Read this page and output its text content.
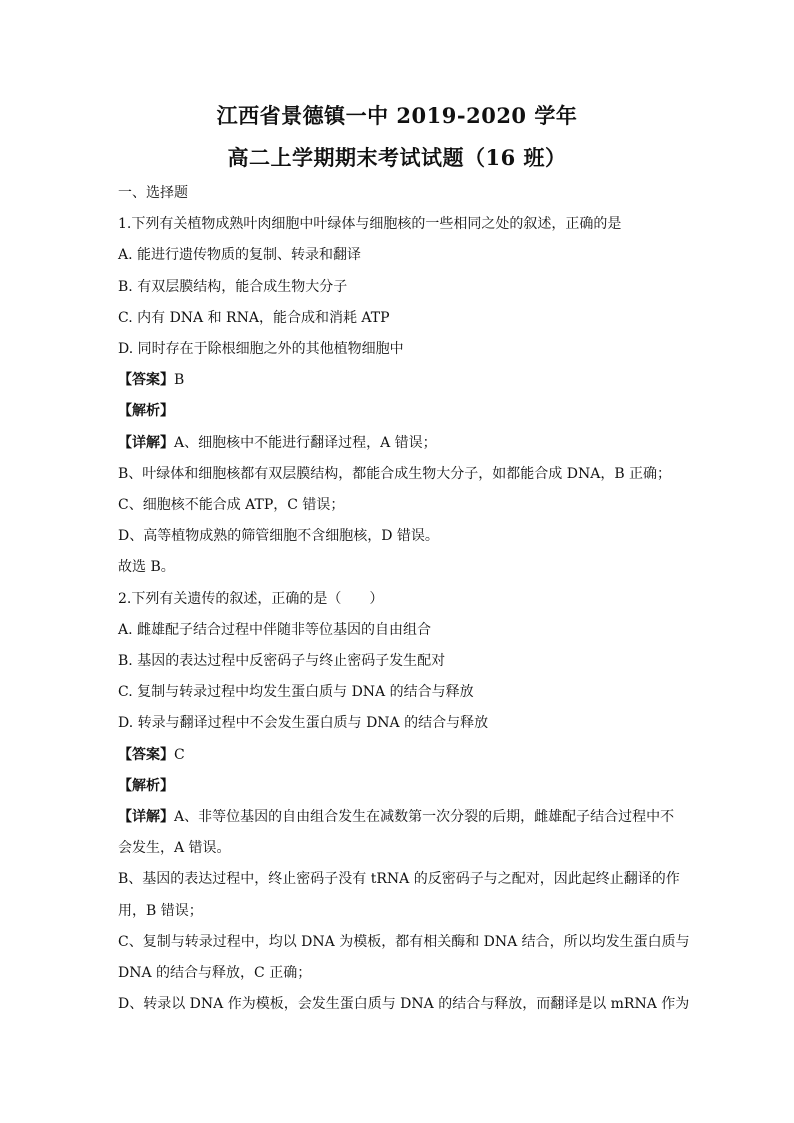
江西省景德镇一中 2019-2020 学年

高二上学期期末考试试题（16 班）

一、选择题

1.下列有关植物成熟叶肉细胞中叶绿体与细胞核的一些相同之处的叙述，正确的是

A. 能进行遗传物质的复制、转录和翻译

B. 有双层膜结构，能合成生物大分子

C. 内有 DNA 和 RNA，能合成和消耗 ATP

D. 同时存在于除根细胞之外的其他植物细胞中

【答案】B

【解析】

【详解】A、细胞核中不能进行翻译过程，A 错误；

B、叶绿体和细胞核都有双层膜结构，都能合成生物大分子，如都能合成 DNA，B 正确；

C、细胞核不能合成 ATP，C 错误；

D、高等植物成熟的筛管细胞不含细胞核，D 错误。

故选 B。

2.下列有关遗传的叙述，正确的是（　　）

A. 雌雄配子结合过程中伴随非等位基因的自由组合

B. 基因的表达过程中反密码子与终止密码子发生配对

C. 复制与转录过程中均发生蛋白质与 DNA 的结合与释放

D. 转录与翻译过程中不会发生蛋白质与 DNA 的结合与释放

【答案】C

【解析】

【详解】A、非等位基因的自由组合发生在减数第一次分裂的后期，雌雄配子结合过程中不

会发生，A 错误。

B、基因的表达过程中，终止密码子没有 tRNA 的反密码子与之配对，因此起终止翻译的作

用，B 错误；

C、复制与转录过程中，均以 DNA 为模板，都有相关酶和 DNA 结合，所以均发生蛋白质与

DNA 的结合与释放，C 正确；

D、转录以 DNA 作为模板，会发生蛋白质与 DNA 的结合与释放，而翻译是以 mRNA 作为
